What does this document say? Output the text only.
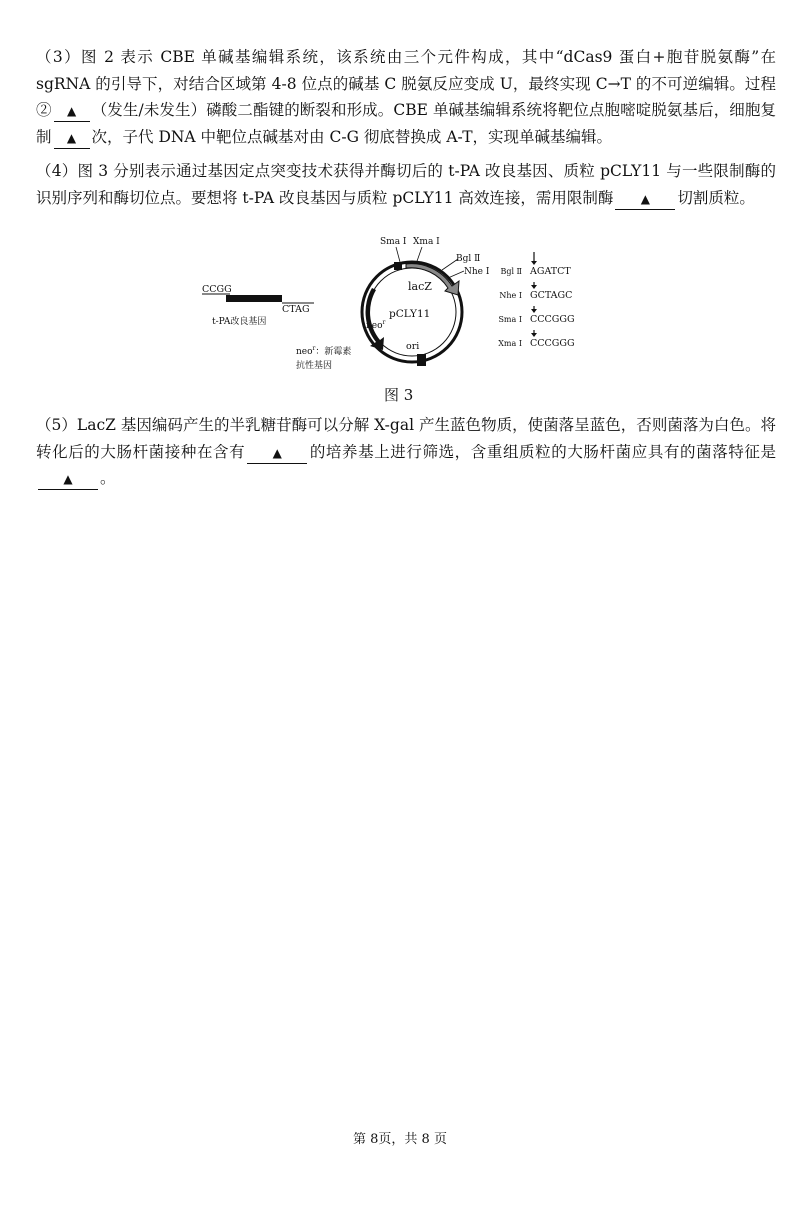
（3）图 2 表示 CBE 单碱基编辑系统，该系统由三个元件构成，其中“dCas9 蛋白+胞苷脱氨酶”在 sgRNA 的引导下，对结合区域第 4-8 位点的碱基 C 脱氨反应变成 U，最终实现 C→T 的不可逆编辑。过程② ▲ （发生/未发生）磷酸二酯键的断裂和形成。CBE 单碱基编辑系统将靶位点胞嘧啶脱氨基后，细胞复制 ▲ 次，子代 DNA 中靶位点碱基对由 C-G 彻底替换成 A-T，实现单碱基编辑。
（4）图 3 分别表示通过基因定点突变技术获得并酶切后的 t-PA 改良基因、质粒 pCLY11 与一些限制酶的识别序列和酶切位点。要想将 t-PA 改良基因与质粒 pCLY11 高效连接，需用限制酶 ▲ 切割质粒。
CCGG
CTAG
t-PA改良基因
pCLY11
lacZ
neo$^r$
ori
Sma I Xma I
Bgl Ⅱ
Nhe I
neo$^r$：新霉素
抗性基因
Bgl Ⅱ AGATCT
Nhe I GCTAGC
Sma I CCCGGG
Xma I CCCGGG
图 3
（5）LacZ 基因编码产生的半乳糖苷酶可以分解 X-gal 产生蓝色物质，使菌落呈蓝色，否则菌落为白色。将转化后的大肠杆菌接种在含有 ▲ 的培养基上进行筛选，含重组质粒的大肠杆菌应具有的菌落特征是▲ 。
第 8页，共 8 页
